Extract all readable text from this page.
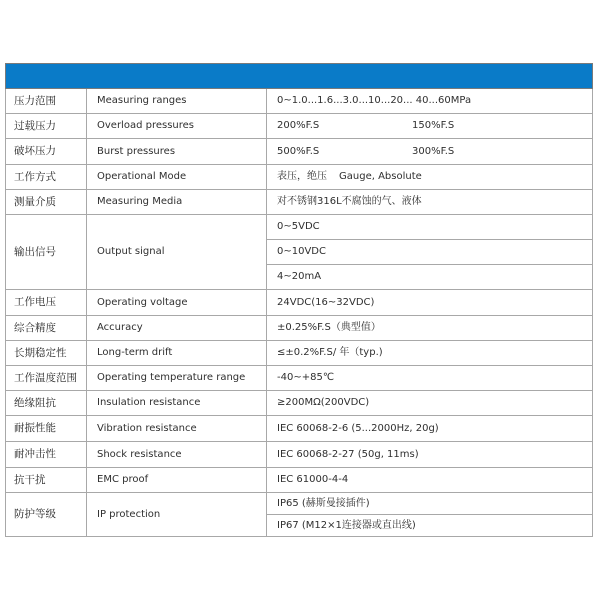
压力范围	Measuring ranges	0~1.0...1.6...3.0...10...20... 40...60MPa
过载压力	Overload pressures	200%F.S 150%F.S
破坏压力	Burst pressures	500%F.S 300%F.S
工作方式	Operational Mode	表压，绝压 Gauge, Absolute
测量介质	Measuring Media	对不锈钢316L不腐蚀的气、液体
输出信号	Output signal	0~5VDC
		0~10VDC
		4~20mA
工作电压	Operating voltage	24VDC(16~32VDC)
综合精度	Accuracy	±0.25%F.S（典型值）
长期稳定性	Long-term drift	≤±0.2%F.S/ 年（typ.)
工作温度范围	Operating temperature range	-40~+85℃
绝缘阻抗	Insulation resistance	≥200MΩ(200VDC)
耐振性能	Vibration resistance	IEC 60068-2-6 (5...2000Hz, 20g)
耐冲击性	Shock resistance	IEC 60068-2-27 (50g, 11ms)
抗干扰	EMC proof	IEC 61000-4-4
防护等级	IP protection	IP65 (赫斯曼接插件)
		IP67 (M12×1连接器或直出线)
